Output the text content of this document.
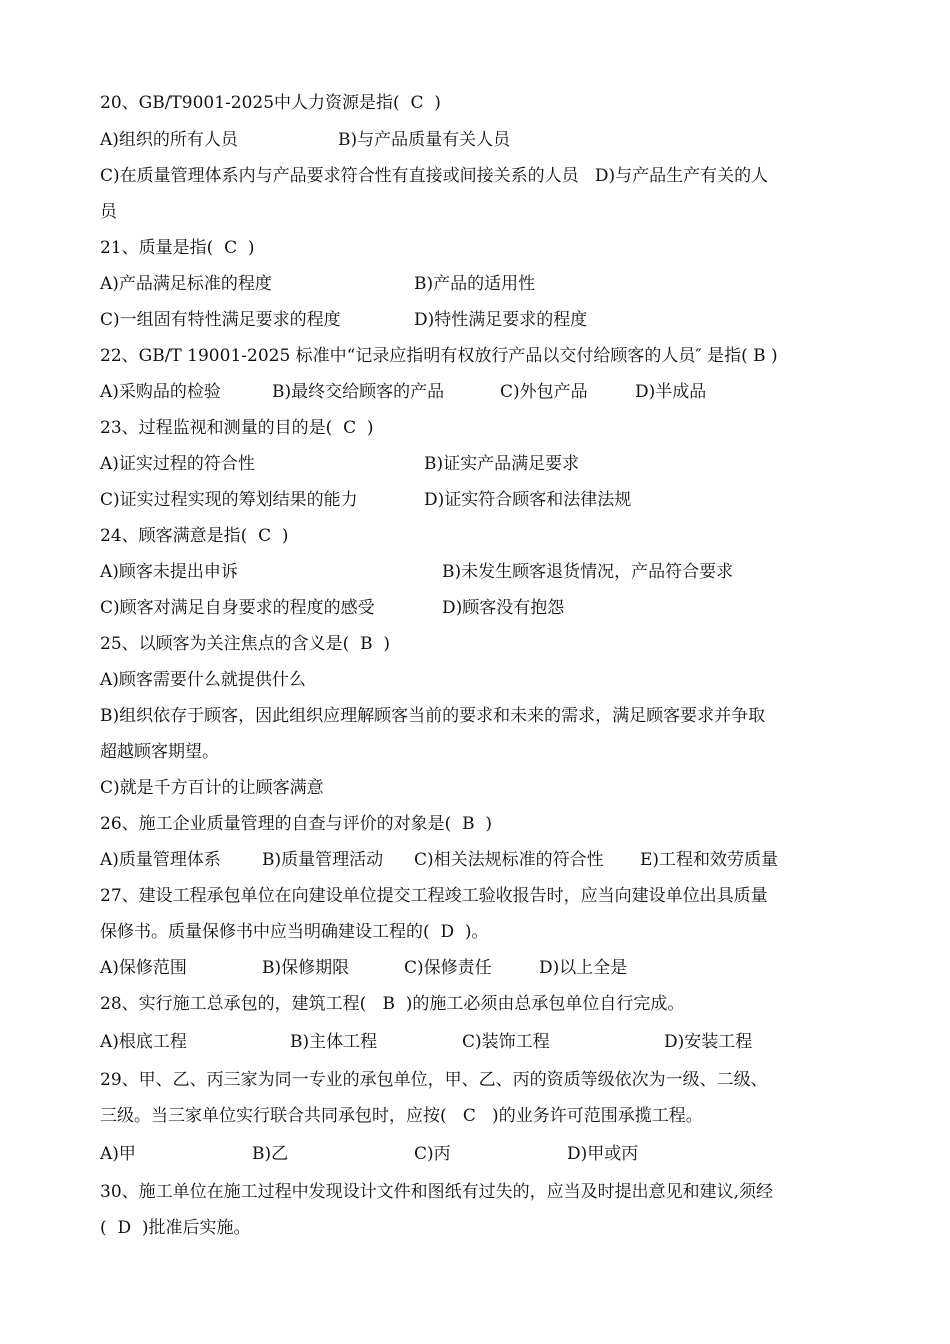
20、GB/T9001-2025中人力资源是指(  C  )
A)组织的所有人员	B)与产品质量有关人员
C)在质量管理体系内与产品要求符合性有直接或间接关系的人员   D)与产品生产有关的人
员
21、质量是指(  C  )
A)产品满足标准的程度	B)产品的适用性
C)一组固有特性满足要求的程度	D)特性满足要求的程度
22、GB/T 19001-2025 标准中“记录应指明有权放行产品以交付给顾客的人员″ 是指( B )
A)采购品的检验	B)最终交给顾客的产品	C)外包产品	D)半成品
23、过程监视和测量的目的是(  C  )
A)证实过程的符合性	B)证实产品满足要求
C)证实过程实现的筹划结果的能力	D)证实符合顾客和法律法规
24、顾客满意是指(  C  )
A)顾客未提出申诉	B)未发生顾客退货情况，产品符合要求
C)顾客对满足自身要求的程度的感受	D)顾客没有抱怨
25、以顾客为关注焦点的含义是(  B  )
A)顾客需要什么就提供什么
B)组织依存于顾客，因此组织应理解顾客当前的要求和未来的需求，满足顾客要求并争取
超越顾客期望。
C)就是千方百计的让顾客满意
26、施工企业质量管理的自查与评价的对象是(  B  )
A)质量管理体系 B)质量管理活动 C)相关法规标准的符合性 E)工程和效劳质量
27、建设工程承包单位在向建设单位提交工程竣工验收报告时，应当向建设单位出具质量
保修书。质量保修书中应当明确建设工程的(  D  )。
A)保修范围	B)保修期限	C)保修责任	D)以上全是
28、实行施工总承包的，建筑工程(   B  )的施工必须由总承包单位自行完成。
A)根底工程	B)主体工程	C)装饰工程	D)安装工程
29、甲、乙、丙三家为同一专业的承包单位，甲、乙、丙的资质等级依次为一级、二级、
三级。当三家单位实行联合共同承包时，应按(   C   )的业务许可范围承揽工程。
A)甲	B)乙	C)丙	D)甲或丙
30、施工单位在施工过程中发现设计文件和图纸有过失的，应当及时提出意见和建议,须经
(  D  )批准后实施。
